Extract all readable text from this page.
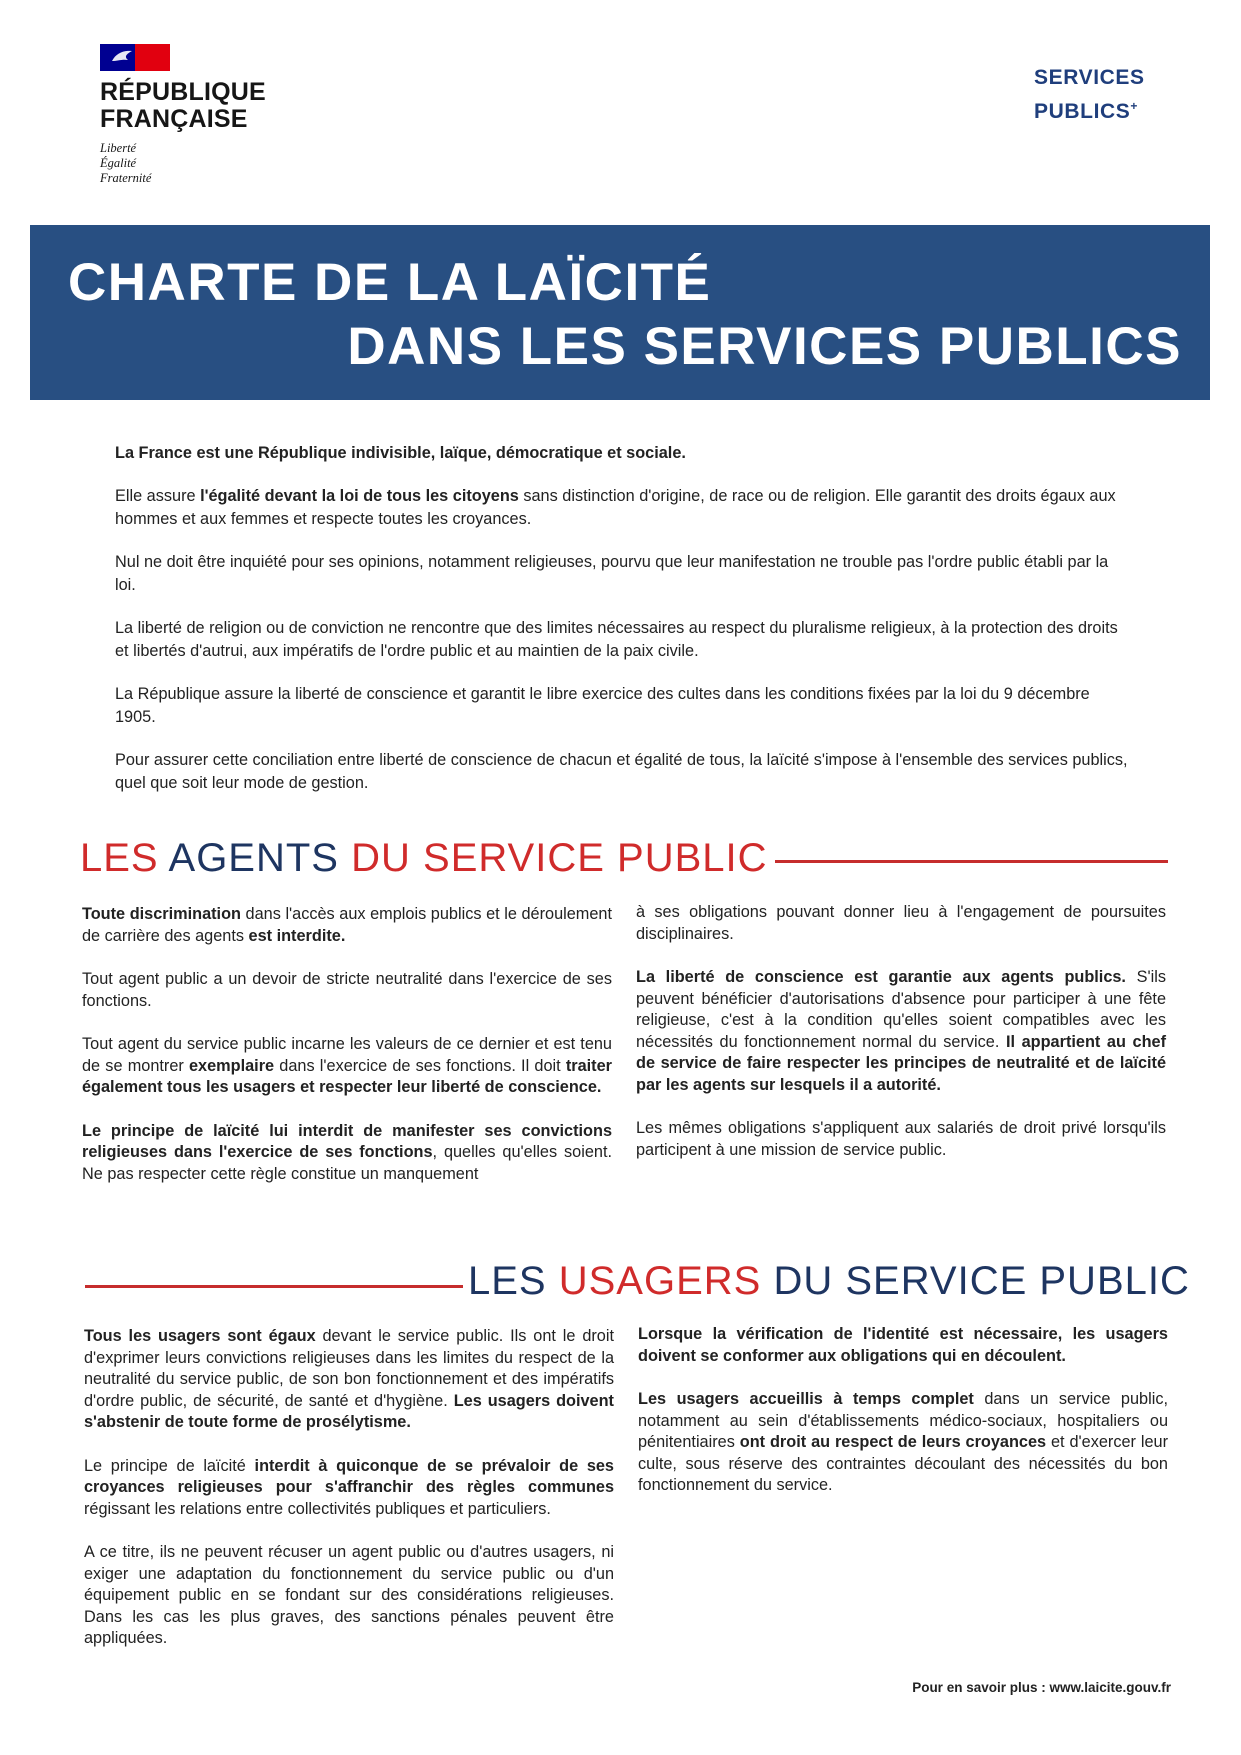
RÉPUBLIQUE
FRANÇAISE
Liberté
Égalité
Fraternité
SERVICES
PUBLICS+
CHARTE DE LA LAÏCITÉ
DANS LES SERVICES PUBLICS

La France est une République indivisible, laïque, démocratique et sociale.

Elle assure l'égalité devant la loi de tous les citoyens sans distinction d'origine, de race ou de religion. Elle garantit des droits égaux aux hommes et aux femmes et respecte toutes les croyances.

Nul ne doit être inquiété pour ses opinions, notamment religieuses, pourvu que leur manifestation ne trouble pas l'ordre public établi par la loi.

La liberté de religion ou de conviction ne rencontre que des limites nécessaires au respect du pluralisme religieux, à la protection des droits et libertés d'autrui, aux impératifs de l'ordre public et au maintien de la paix civile.

La République assure la liberté de conscience et garantit le libre exercice des cultes dans les conditions fixées par la loi du 9 décembre 1905.

Pour assurer cette conciliation entre liberté de conscience de chacun et égalité de tous, la laïcité s'impose à l'ensemble des services publics, quel que soit leur mode de gestion.

LES AGENTS DU SERVICE PUBLIC

Toute discrimination dans l'accès aux emplois publics et le déroulement de carrière des agents est interdite.

Tout agent public a un devoir de stricte neutralité dans l'exercice de ses fonctions.

Tout agent du service public incarne les valeurs de ce dernier et est tenu de se montrer exemplaire dans l'exercice de ses fonctions. Il doit traiter également tous les usagers et respecter leur liberté de conscience.

Le principe de laïcité lui interdit de manifester ses convictions religieuses dans l'exercice de ses fonctions, quelles qu'elles soient. Ne pas respecter cette règle constitue un manquement

à ses obligations pouvant donner lieu à l'engagement de poursuites disciplinaires.

La liberté de conscience est garantie aux agents publics. S'ils peuvent bénéficier d'autorisations d'absence pour participer à une fête religieuse, c'est à la condition qu'elles soient compatibles avec les nécessités du fonctionnement normal du service. Il appartient au chef de service de faire respecter les principes de neutralité et de laïcité par les agents sur lesquels il a autorité.

Les mêmes obligations s'appliquent aux salariés de droit privé lorsqu'ils participent à une mission de service public.

LES USAGERS DU SERVICE PUBLIC

Tous les usagers sont égaux devant le service public. Ils ont le droit d'exprimer leurs convictions religieuses dans les limites du respect de la neutralité du service public, de son bon fonctionnement et des impératifs d'ordre public, de sécurité, de santé et d'hygiène. Les usagers doivent s'abstenir de toute forme de prosélytisme.

Le principe de laïcité interdit à quiconque de se prévaloir de ses croyances religieuses pour s'affranchir des règles communes régissant les relations entre collectivités publiques et particuliers.

A ce titre, ils ne peuvent récuser un agent public ou d'autres usagers, ni exiger une adaptation du fonctionnement du service public ou d'un équipement public en se fondant sur des considérations religieuses. Dans les cas les plus graves, des sanctions pénales peuvent être appliquées.

Lorsque la vérification de l'identité est nécessaire, les usagers doivent se conformer aux obligations qui en découlent.

Les usagers accueillis à temps complet dans un service public, notamment au sein d'établissements médico-sociaux, hospitaliers ou pénitentiaires ont droit au respect de leurs croyances et d'exercer leur culte, sous réserve des contraintes découlant des nécessités du bon fonctionnement du service.

Pour en savoir plus : www.laicite.gouv.fr
